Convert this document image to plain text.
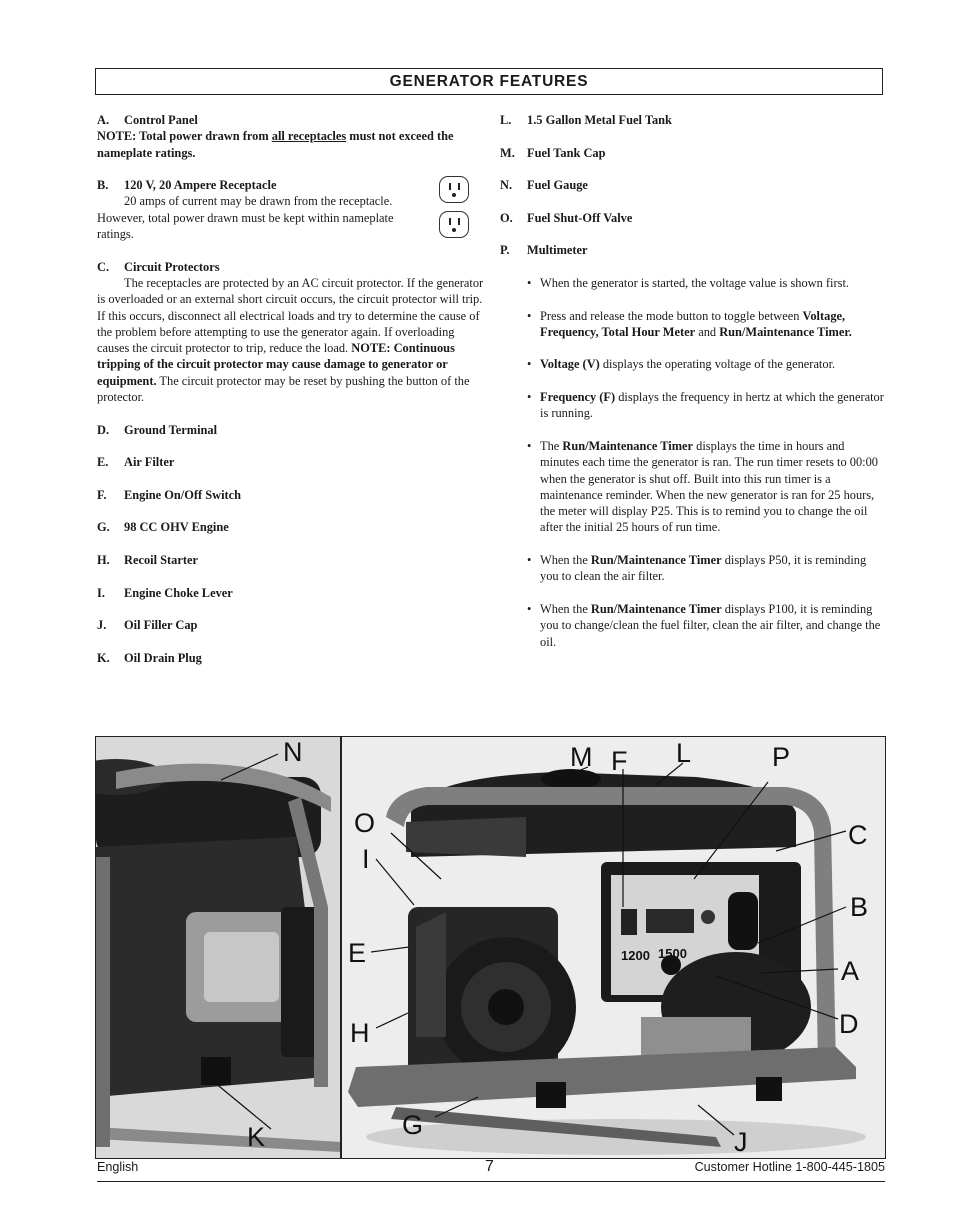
GENERATOR FEATURES
A. Control Panel
NOTE: Total power drawn from all receptacles must not exceed the nameplate ratings.
B. 120 V, 20 Ampere Receptacle
20 amps of current may be drawn from the receptacle. However, total power drawn must be kept within nameplate ratings.
C. Circuit Protectors
The receptacles are protected by an AC circuit protector. If the generator is overloaded or an external short circuit occurs, the circuit protector will trip. If this occurs, disconnect all electrical loads and try to determine the cause of the problem before attempting to use the generator again. If overloading causes the circuit protector to trip, reduce the load. NOTE: Continuous tripping of the circuit protector may cause damage to generator or equipment. The circuit protector may be reset by pushing the button of the protector.
D. Ground Terminal
E. Air Filter
F. Engine On/Off Switch
G. 98 CC OHV Engine
H. Recoil Starter
I. Engine Choke Lever
J. Oil Filler Cap
K. Oil Drain Plug
L. 1.5 Gallon Metal Fuel Tank
M. Fuel Tank Cap
N. Fuel Gauge
O. Fuel Shut-Off Valve
P. Multimeter
• When the generator is started, the voltage value is shown first.
• Press and release the mode button to toggle between Voltage, Frequency, Total Hour Meter and Run/Maintenance Timer.
• Voltage (V) displays the operating voltage of the generator.
• Frequency (F) displays the frequency in hertz at which the generator is running.
• The Run/Maintenance Timer displays the time in hours and minutes each time the generator is ran. The run timer resets to 00:00 when the generator is shut off. Built into this run timer is a maintenance reminder. When the new generator is ran for 25 hours, the meter will display P25. This is to remind you to change the oil after the initial 25 hours of run time.
• When the Run/Maintenance Timer displays P50, it is reminding you to clean the air filter.
• When the Run/Maintenance Timer displays P100, it is reminding you to change/clean the fuel filter, clean the air filter, and change the oil.
1200 1500
N	M F L	P
O
I
C
B
E
A
D
H
G
K	J
English	7	Customer Hotline 1-800-445-1805
